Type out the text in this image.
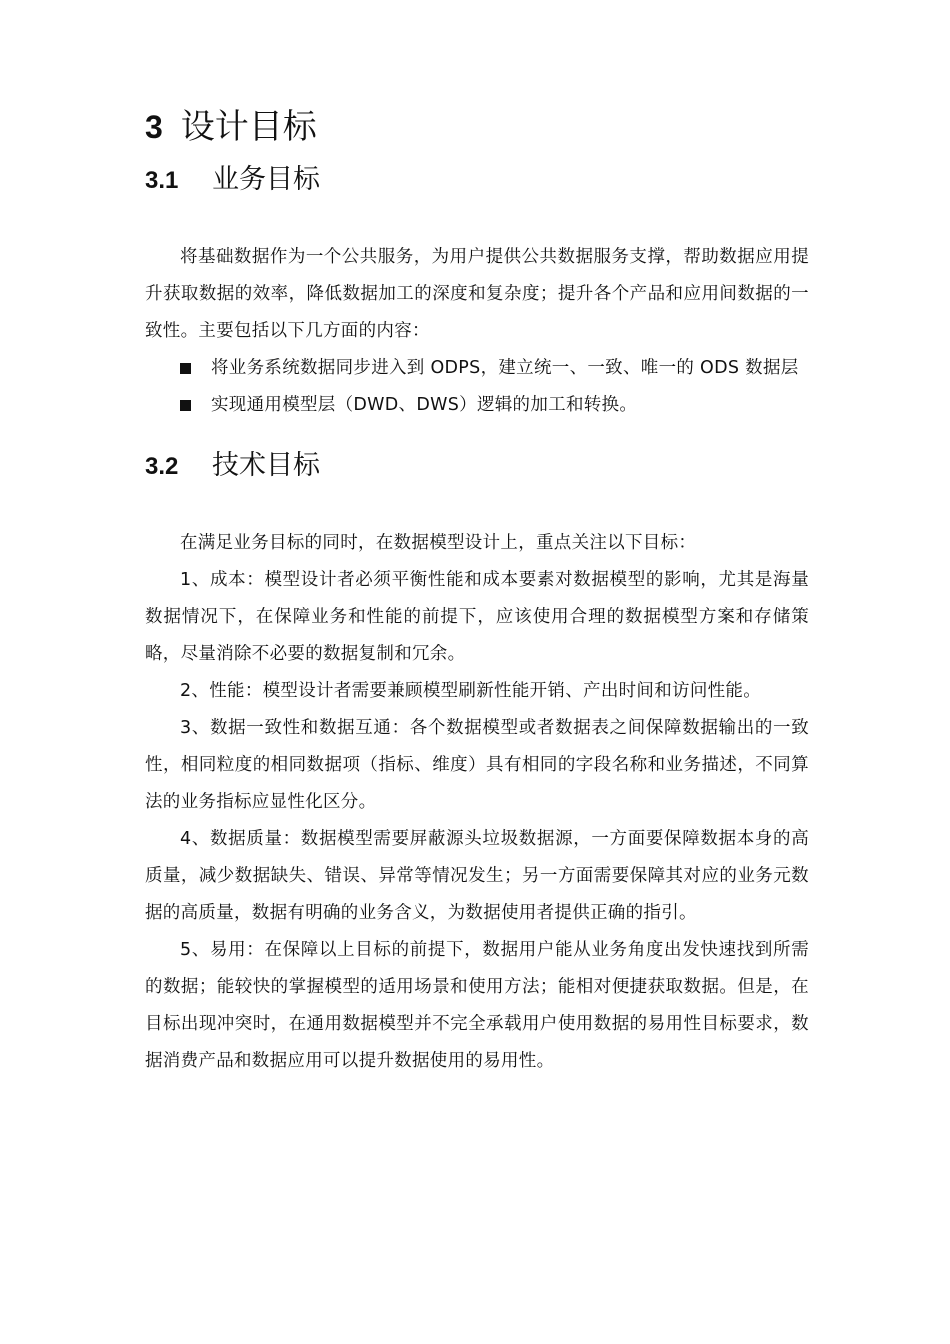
3 设计目标
3.1	业务目标

将基础数据作为一个公共服务，为用户提供公共数据服务支撑，帮助数据应用提升获取数据的效率，降低数据加工的深度和复杂度；提升各个产品和应用间数据的一致性。主要包括以下几方面的内容：

将业务系统数据同步进入到 ODPS，建立统一、一致、唯一的 ODS 数据层
实现通用模型层（DWD、DWS）逻辑的加工和转换。
3.2	技术目标

在满足业务目标的同时，在数据模型设计上，重点关注以下目标：

1、成本：模型设计者必须平衡性能和成本要素对数据模型的影响，尤其是海量数据情况下，在保障业务和性能的前提下，应该使用合理的数据模型方案和存储策略，尽量消除不必要的数据复制和冗余。

2、性能：模型设计者需要兼顾模型刷新性能开销、产出时间和访问性能。

3、数据一致性和数据互通：各个数据模型或者数据表之间保障数据输出的一致性，相同粒度的相同数据项（指标、维度）具有相同的字段名称和业务描述，不同算法的业务指标应显性化区分。

4、数据质量：数据模型需要屏蔽源头垃圾数据源，一方面要保障数据本身的高质量，减少数据缺失、错误、异常等情况发生；另一方面需要保障其对应的业务元数据的高质量，数据有明确的业务含义，为数据使用者提供正确的指引。

5、易用：在保障以上目标的前提下，数据用户能从业务角度出发快速找到所需的数据；能较快的掌握模型的适用场景和使用方法；能相对便捷获取数据。但是，在目标出现冲突时，在通用数据模型并不完全承载用户使用数据的易用性目标要求，数据消费产品和数据应用可以提升数据使用的易用性。
